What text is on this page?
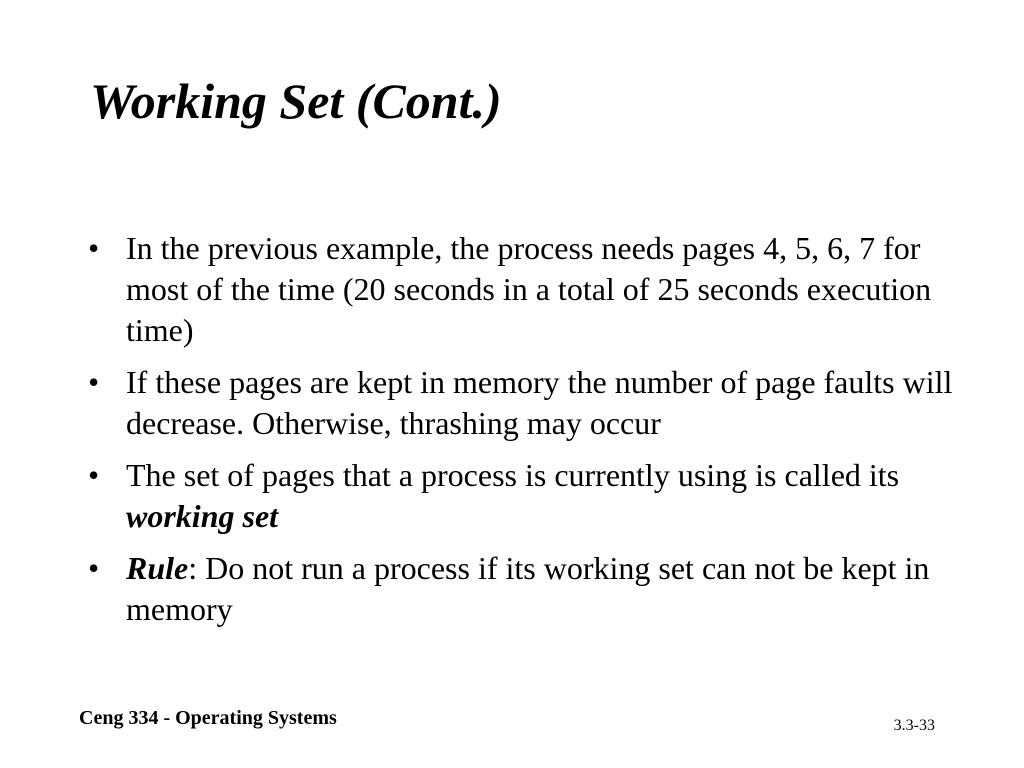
Working Set (Cont.)
• In the previous example, the process needs pages 4, 5, 6, 7 for most of the time (20 seconds in a total of 25 seconds execution time)
• If these pages are kept in memory the number of page faults will decrease. Otherwise, thrashing may occur
• The set of pages that a process is currently using is called its working set
• Rule: Do not run a process if its working set can not be kept in memory
Ceng 334 - Operating Systems	3.3-33
